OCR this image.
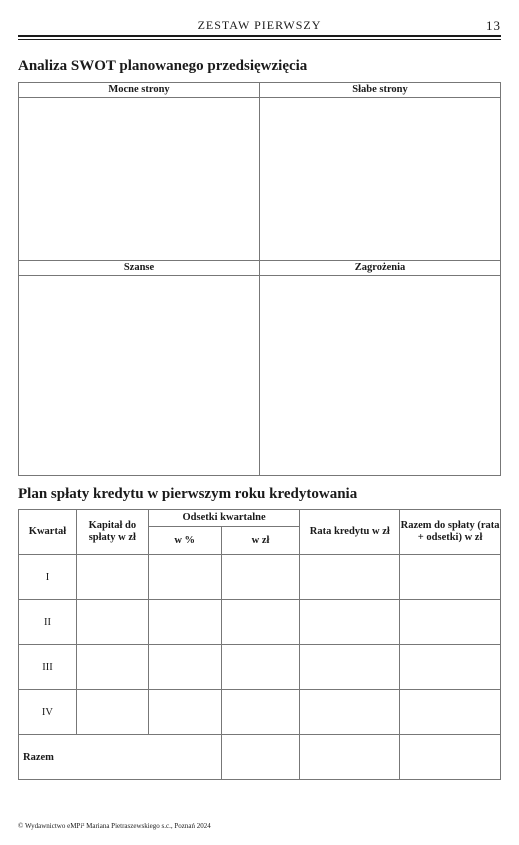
ZESTAW PIERWSZY	13
Analiza SWOT planowanego przedsięwzięcia
Mocne strony	Słabe strony

Szanse	Zagrożenia

Plan spłaty kredytu w pierwszym roku kredytowania
Kwartał	Kapitał do spłaty w zł	Odsetki kwartalne		Rata kredytu w zł	Razem do spłaty (rata + odsetki) w zł
		w %	w zł		
I					
II					
III					
IV					
Razem					
© Wydawnictwo eMPi² Mariana Pietraszewskiego s.c., Poznań 2024
